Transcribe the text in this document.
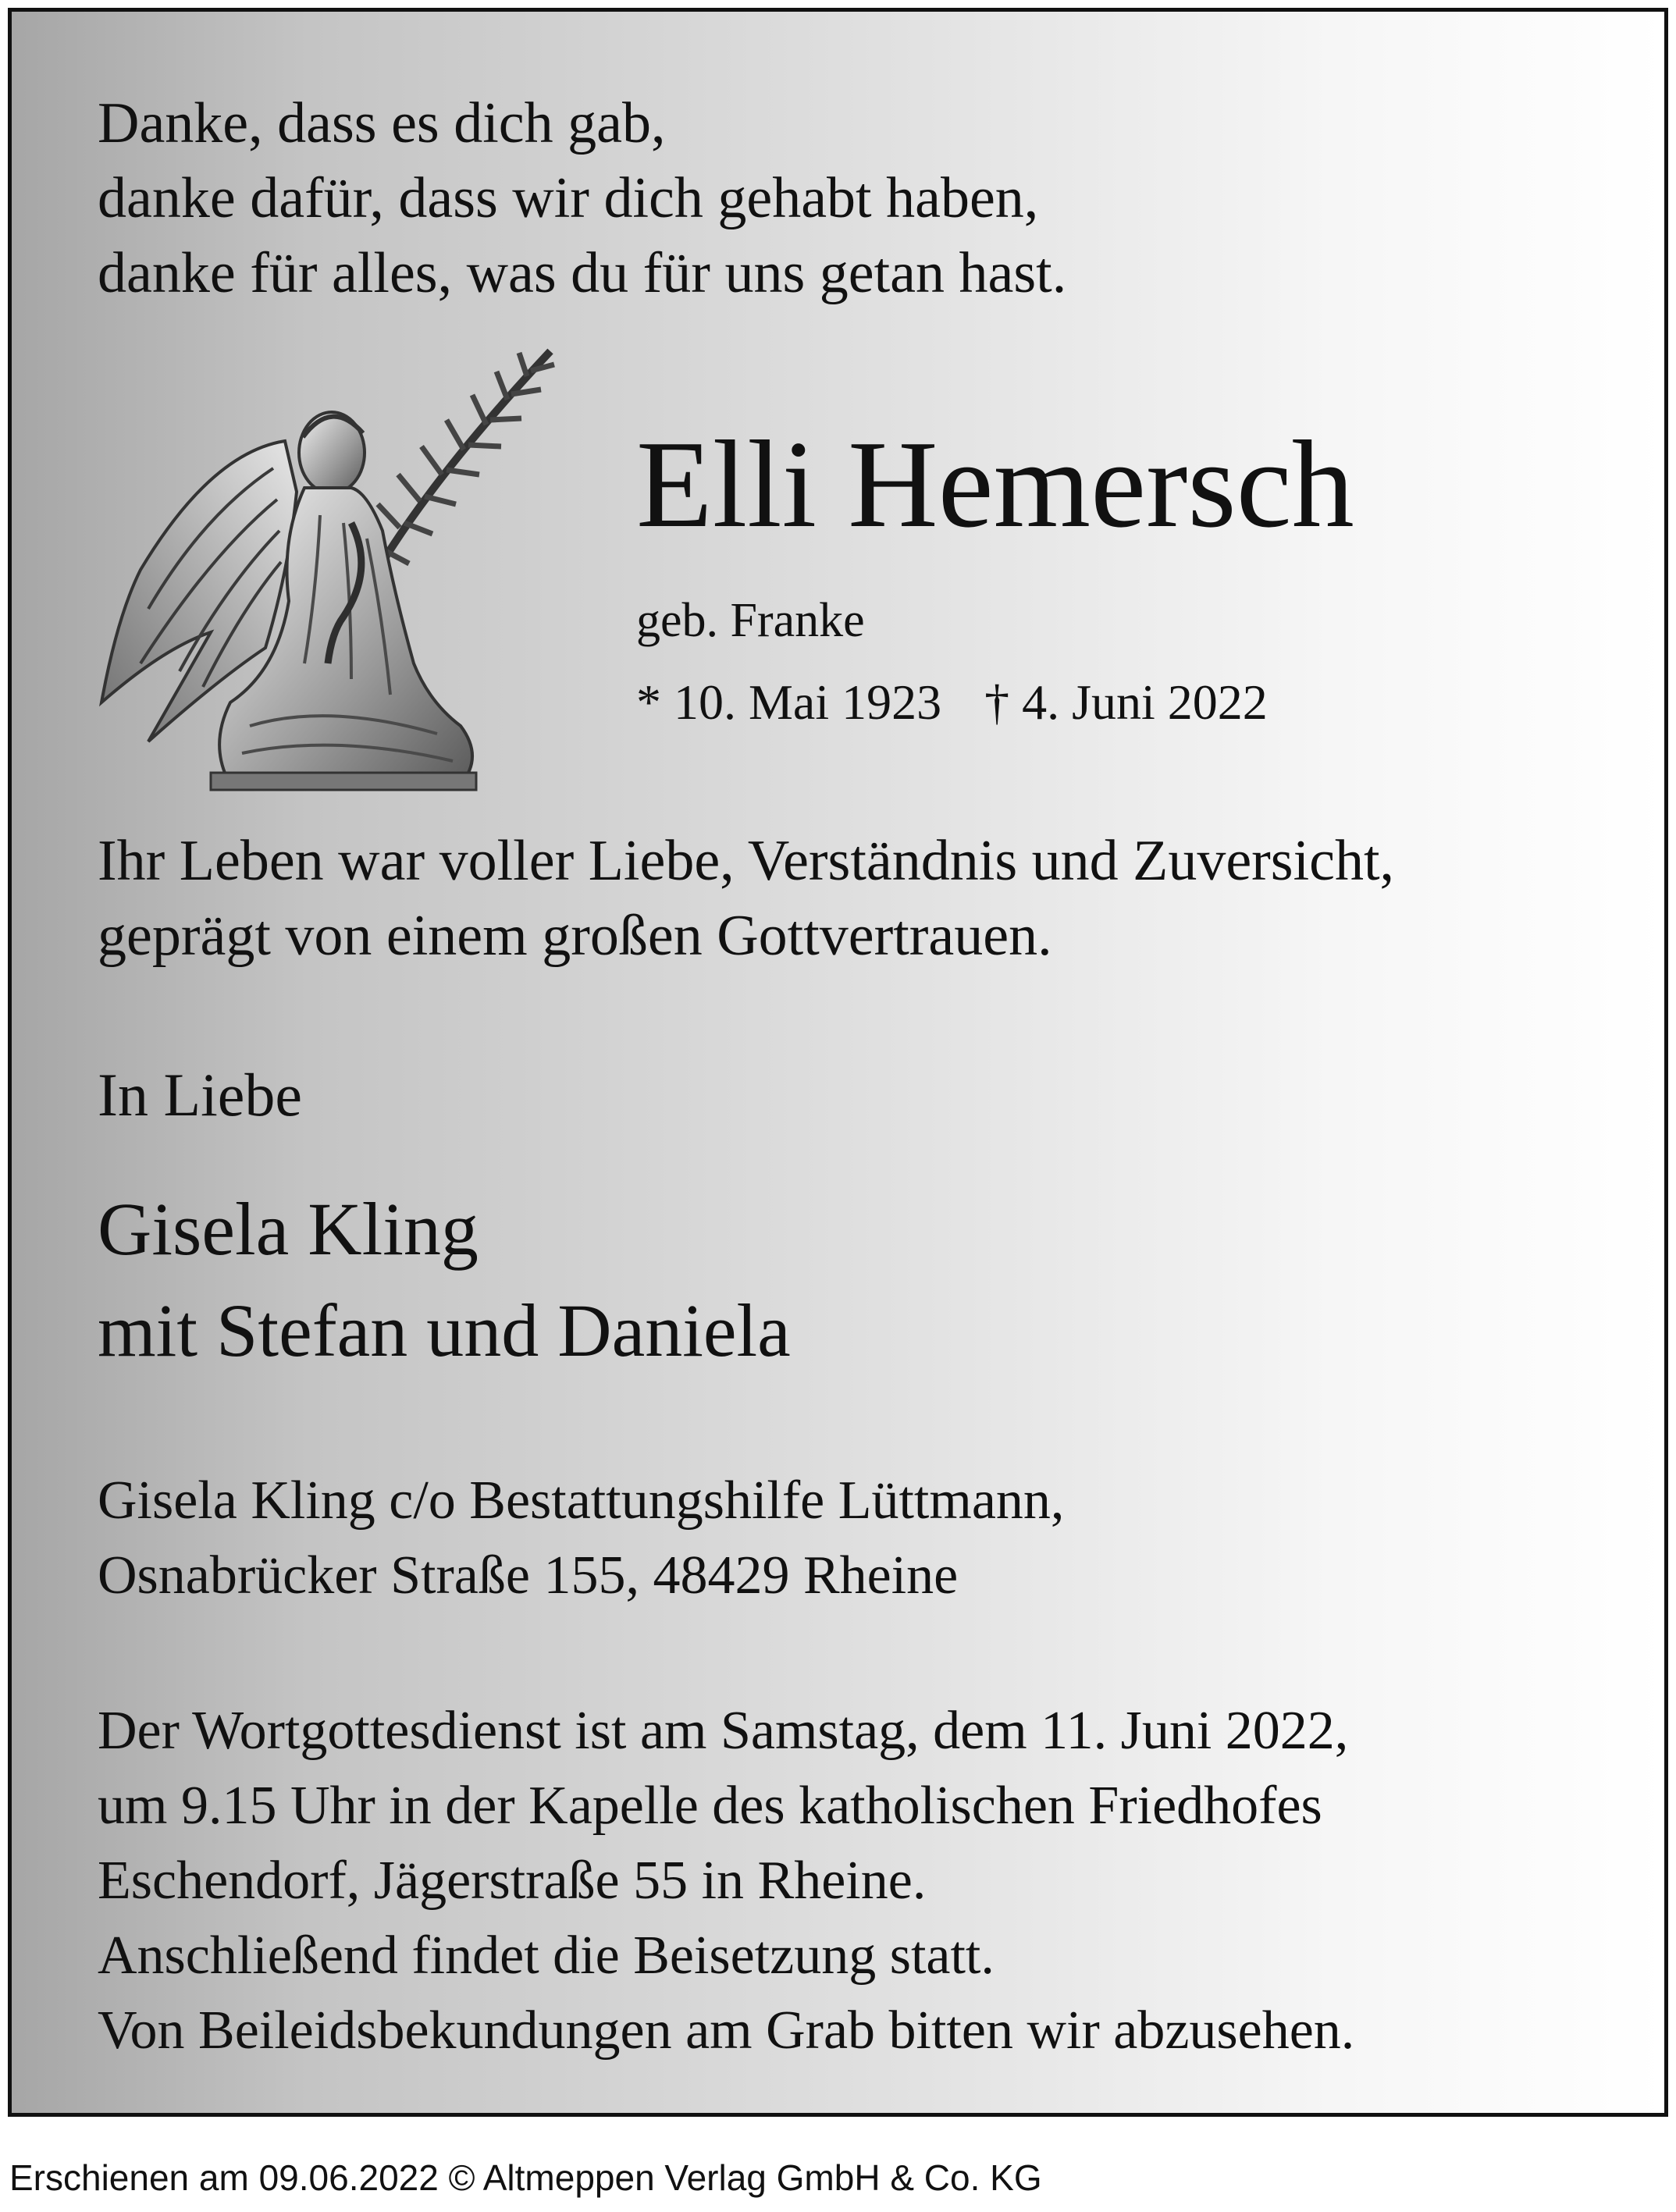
Danke, dass es dich gab,
danke dafür, dass wir dich gehabt haben,
danke für alles, was du für uns getan hast.

Elli Hemersch

geb. Franke

* 10. Mai 1923 † 4. Juni 2022

Ihr Leben war voller Liebe, Verständnis und Zuversicht,
geprägt von einem großen Gottvertrauen.

In Liebe

Gisela Kling
mit Stefan und Daniela

Gisela Kling c/o Bestattungshilfe Lüttmann,
Osnabrücker Straße 155, 48429 Rheine

Der Wortgottesdienst ist am Samstag, dem 11. Juni 2022,
um 9.15 Uhr in der Kapelle des katholischen Friedhofes
Eschendorf, Jägerstraße 55 in Rheine.
Anschließend findet die Beisetzung statt.
Von Beileidsbekundungen am Grab bitten wir abzusehen.

Erschienen am 09.06.2022 © Altmeppen Verlag GmbH & Co. KG
